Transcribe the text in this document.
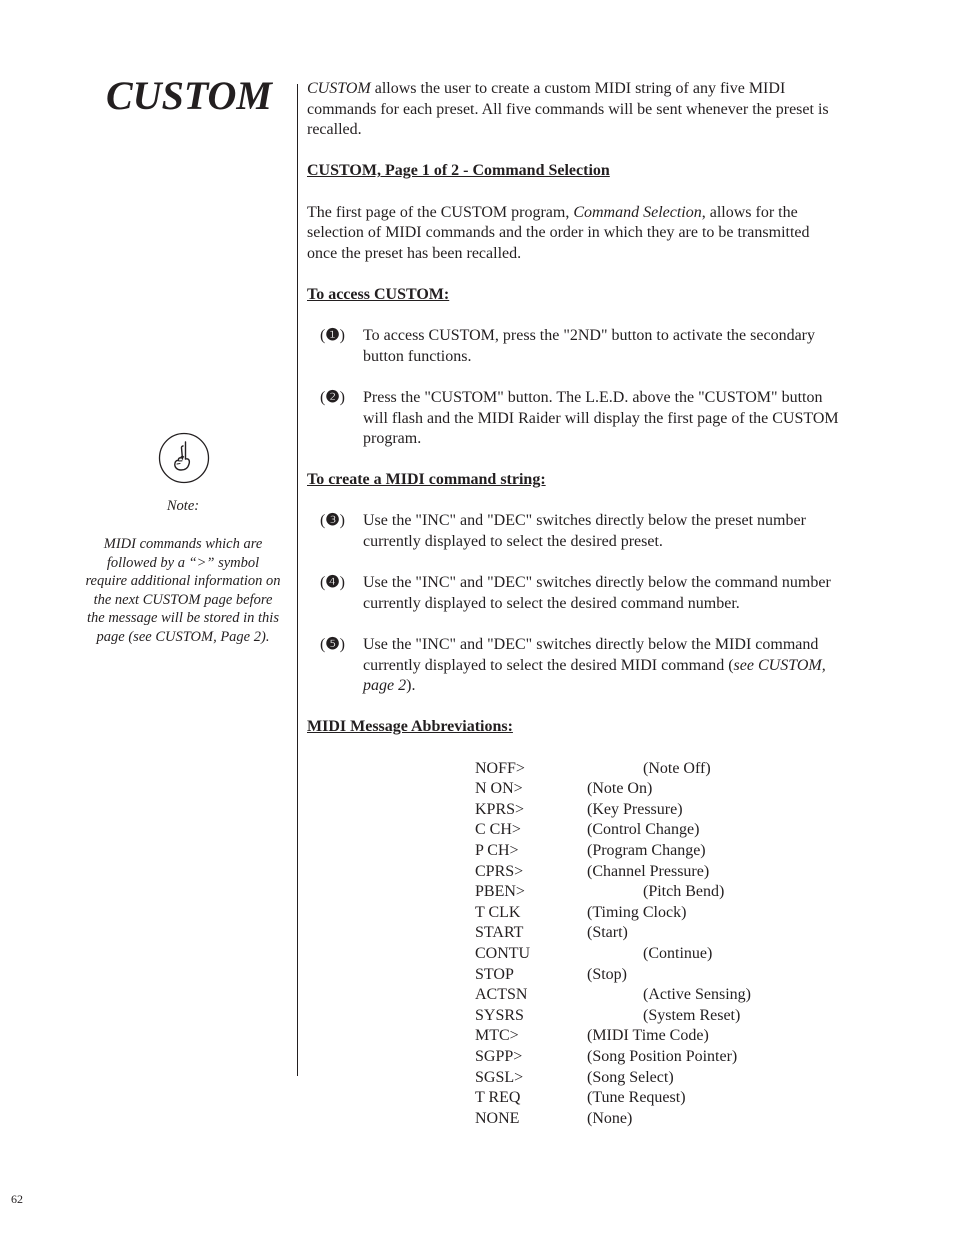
CUSTOM
Note:
MIDI commands which are followed by a “>” symbol require additional information on the next CUSTOM page before the message will be stored in this page (see CUSTOM, Page 2).

CUSTOM allows the user to create a custom MIDI string of any five MIDI commands for each preset. All five commands will be sent whenever the preset is recalled.

CUSTOM, Page 1 of 2 - Command Selection

The first page of the CUSTOM program, Command Selection, allows for the selection of MIDI commands and the order in which they are to be transmitted once the preset has been recalled.

To access CUSTOM:

(❶)	To access CUSTOM, press the "2ND" button to activate the secondary button functions.
(❷)	Press the "CUSTOM" button. The L.E.D. above the "CUSTOM" button will flash and the MIDI Raider will display the first page of the CUSTOM program.

To create a MIDI command string:

(❸)	Use the "INC" and "DEC" switches directly below the preset number currently displayed to select the desired preset.
(❹)	Use the "INC" and "DEC" switches directly below the command number currently displayed to select the desired command number.
(❺)	Use the "INC" and "DEC" switches directly below the MIDI command currently displayed to select the desired MIDI command (see CUSTOM, page 2).

MIDI Message Abbreviations:

NOFF>	(Note Off)
N ON>	(Note On)
KPRS>	(Key Pressure)
C CH>	(Control Change)
P CH>	(Program Change)
CPRS>	(Channel Pressure)
PBEN>	(Pitch Bend)
T CLK	(Timing Clock)
START	(Start)
CONTU	(Continue)
STOP	(Stop)
ACTSN	(Active Sensing)
SYSRS	(System Reset)
MTC>	(MIDI Time Code)
SGPP>	(Song Position Pointer)
SGSL>	(Song Select)
T REQ	(Tune Request)
NONE	(None)
62
